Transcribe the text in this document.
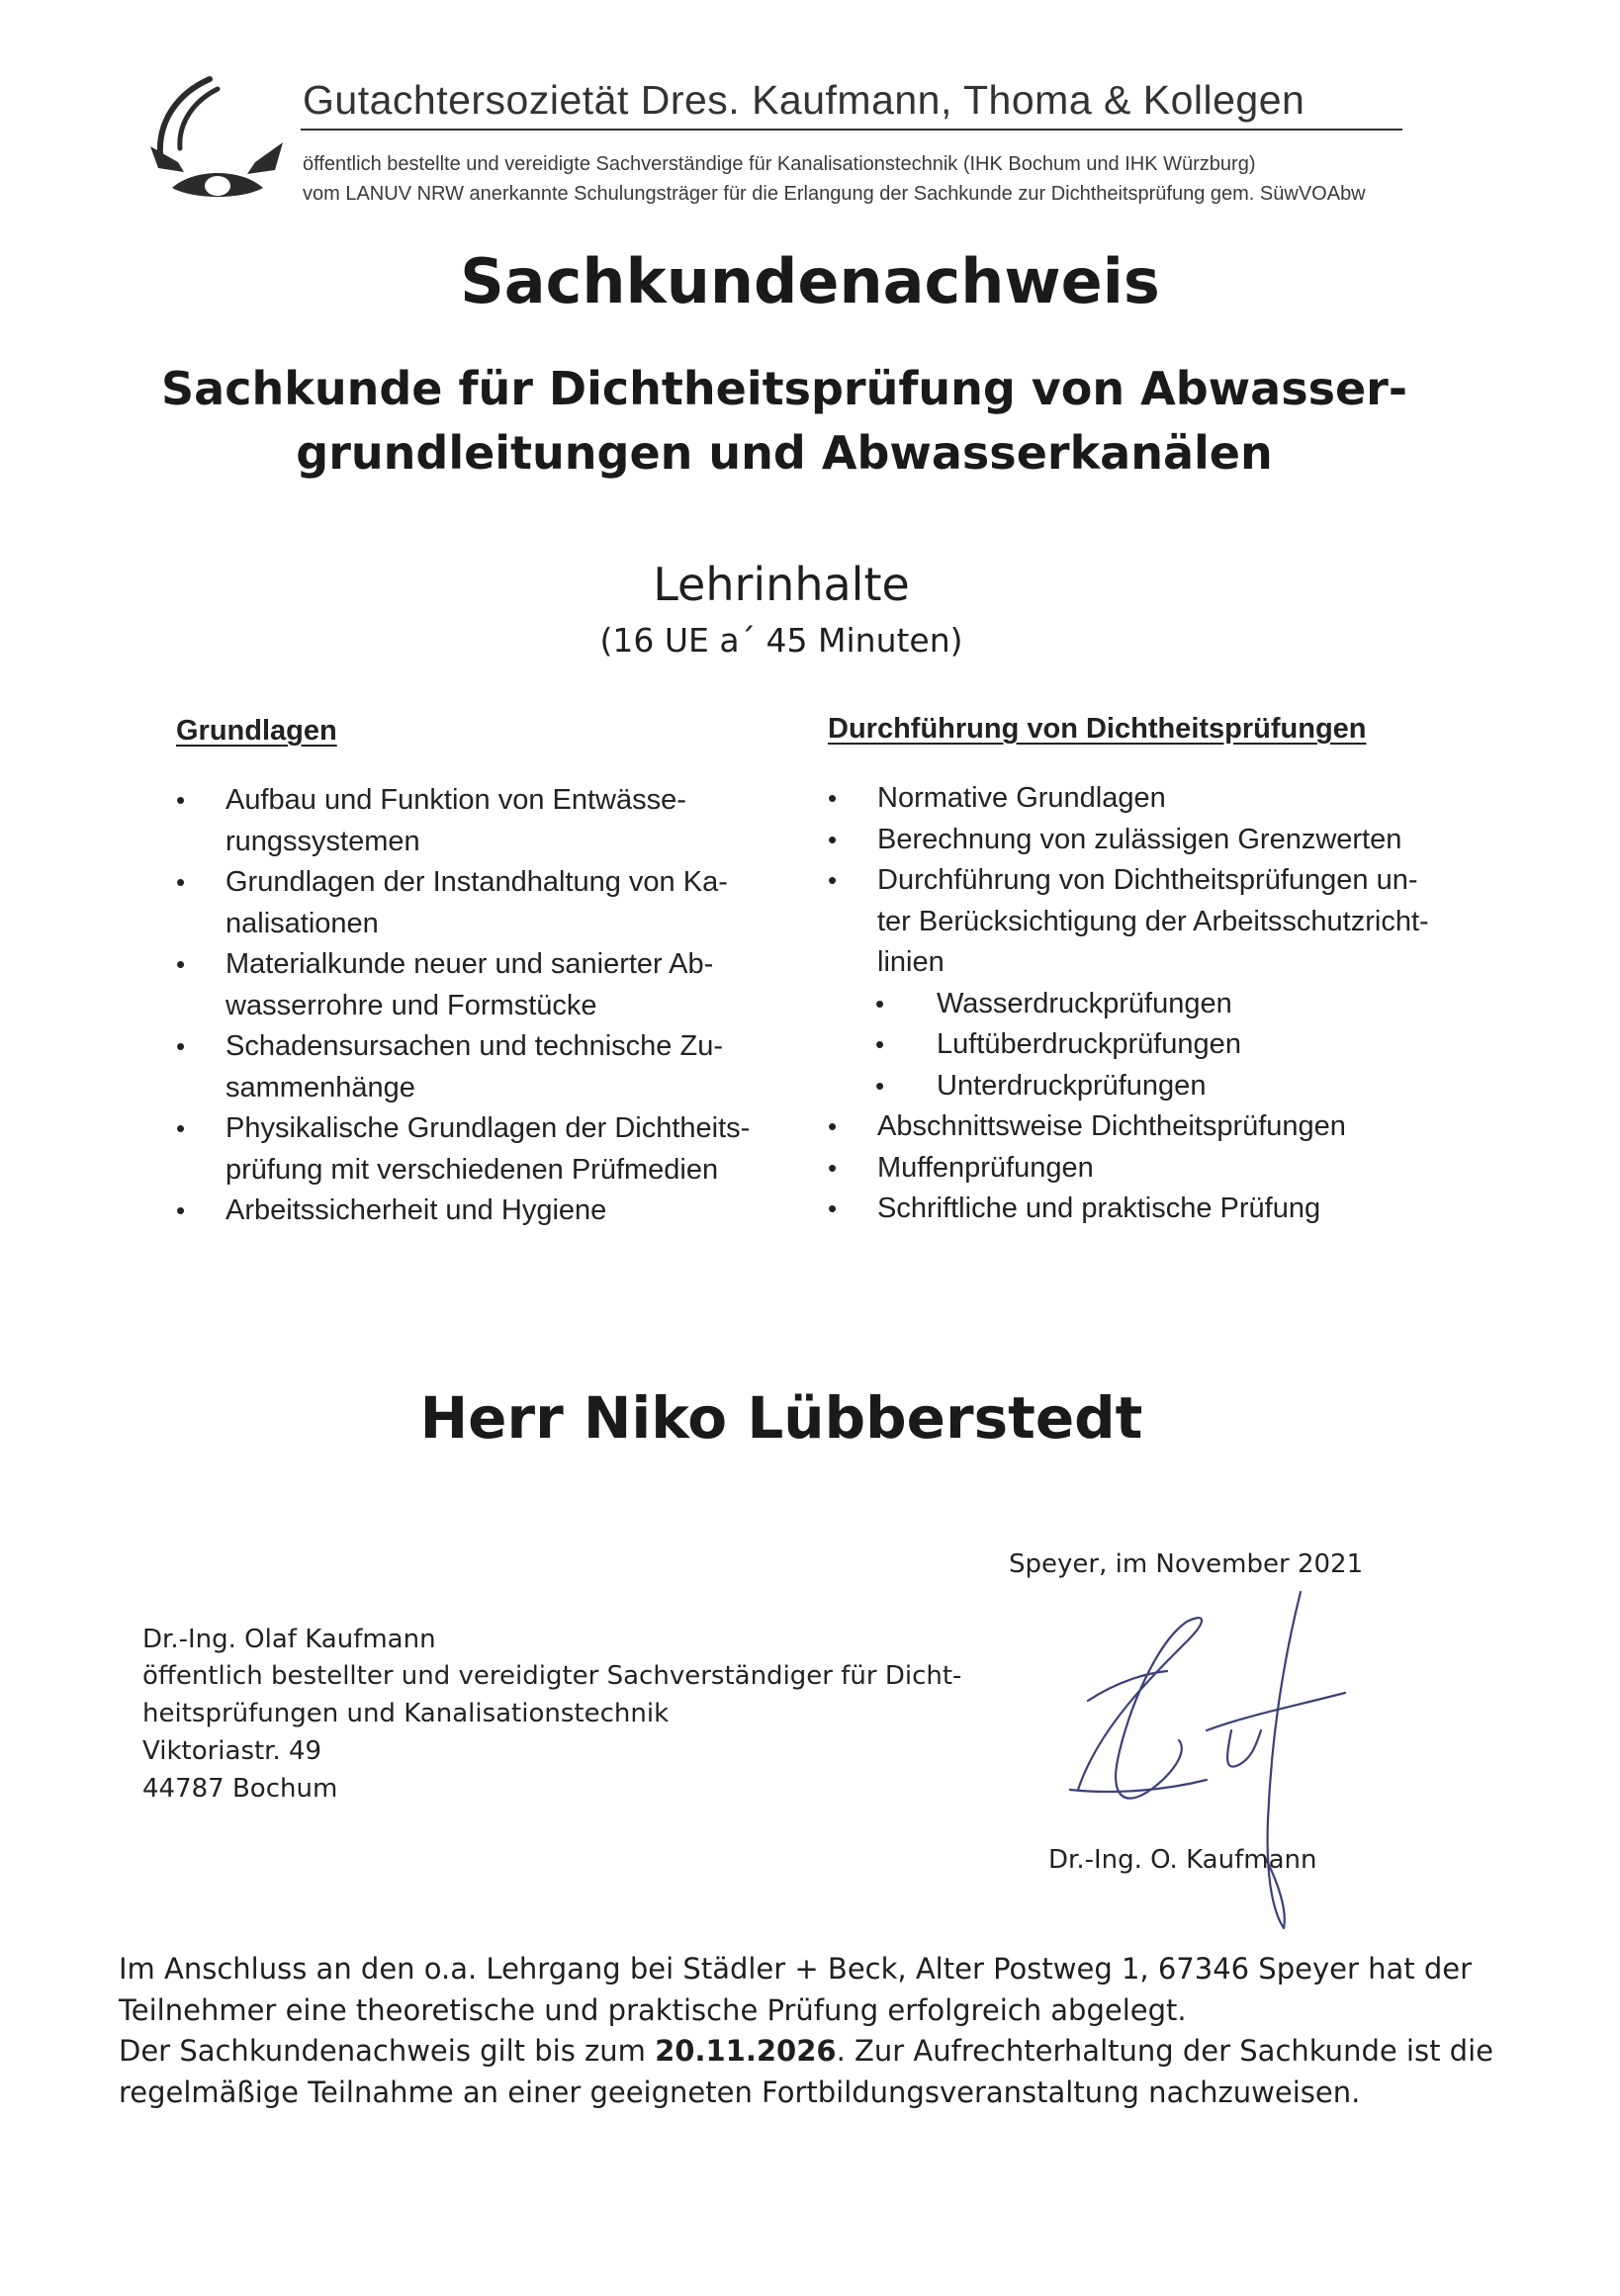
Gutachtersozietät Dres. Kaufmann, Thoma & Kollegen
öffentlich bestellte und vereidigte Sachverständige für Kanalisationstechnik (IHK Bochum und IHK Würzburg)
vom LANUV NRW anerkannte Schulungsträger für die Erlangung der Sachkunde zur Dichtheitsprüfung gem. SüwVOAbw
Sachkundenachweis
Sachkunde für Dichtheitsprüfung von Abwasser-
grundleitungen und Abwasserkanälen
Lehrinhalte
(16 UE a´ 45 Minuten)
Grundlagen
• Aufbau und Funktion von Entwässe-
rungssystemen
• Grundlagen der Instandhaltung von Ka-
nalisationen
• Materialkunde neuer und sanierter Ab-
wasserrohre und Formstücke
• Schadensursachen und technische Zu-
sammenhänge
• Physikalische Grundlagen der Dichtheits-
prüfung mit verschiedenen Prüfmedien
• Arbeitssicherheit und Hygiene
Durchführung von Dichtheitsprüfungen
• Normative Grundlagen
• Berechnung von zulässigen Grenzwerten
• Durchführung von Dichtheitsprüfungen un-
ter Berücksichtigung der Arbeitsschutzricht-
linien
• Wasserdruckprüfungen
• Luftüberdruckprüfungen
• Unterdruckprüfungen
• Abschnittsweise Dichtheitsprüfungen
• Muffenprüfungen
• Schriftliche und praktische Prüfung
Herr Niko Lübberstedt
Speyer, im November 2021
Dr.-Ing. Olaf Kaufmann
öffentlich bestellter und vereidigter Sachverständiger für Dicht-
heitsprüfungen und Kanalisationstechnik
Viktoriastr. 49
44787 Bochum
Dr.-Ing. O. Kaufmann
Im Anschluss an den o.a. Lehrgang bei Städler + Beck, Alter Postweg 1, 67346 Speyer hat der
Teilnehmer eine theoretische und praktische Prüfung erfolgreich abgelegt.
Der Sachkundenachweis gilt bis zum 20.11.2026. Zur Aufrechterhaltung der Sachkunde ist die
regelmäßige Teilnahme an einer geeigneten Fortbildungsveranstaltung nachzuweisen.
